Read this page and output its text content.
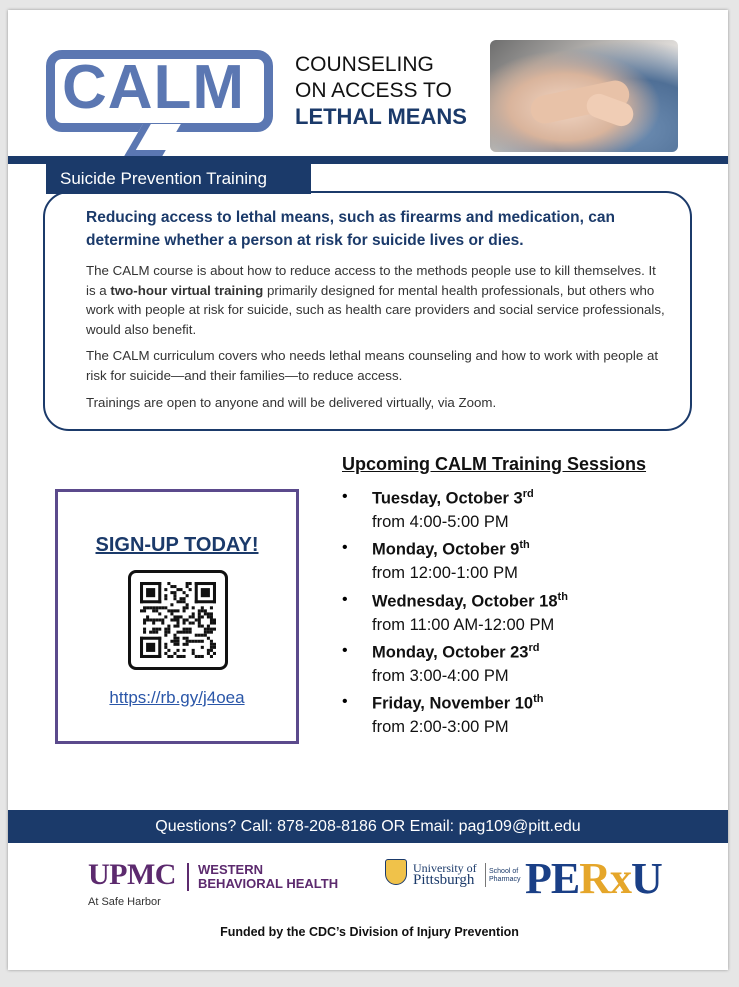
CALM COUNSELING
ON ACCESS TO
LETHAL MEANS
Suicide Prevention Training
Reducing access to lethal means, such as firearms and medication, can determine whether a person at risk for suicide lives or dies.
The CALM course is about how to reduce access to the methods people use to kill themselves. It is a two-hour virtual training primarily designed for mental health professionals, but others who work with people at risk for suicide, such as health care providers and social service professionals, would also benefit.
The CALM curriculum covers who needs lethal means counseling and how to work with people at risk for suicide—and their families—to reduce access.
Trainings are open to anyone and will be delivered virtually, via Zoom.
SIGN-UP TODAY!
https://rb.gy/j4oea
Upcoming CALM Training Sessions
• Tuesday, October 3rd
from 4:00-5:00 PM
• Monday, October 9th
from 12:00-1:00 PM
• Wednesday, October 18th
from 11:00 AM-12:00 PM
• Monday, October 23rd
from 3:00-4:00 PM
• Friday, November 10th
from 2:00-3:00 PM
Questions? Call: 878-208-8186 OR Email: pag109@pitt.edu
UPMC WESTERN
BEHAVIORAL HEALTH
At Safe Harbor
University of
Pittsburgh
School of
Pharmacy PERxU
Funded by the CDC’s Division of Injury Prevention
